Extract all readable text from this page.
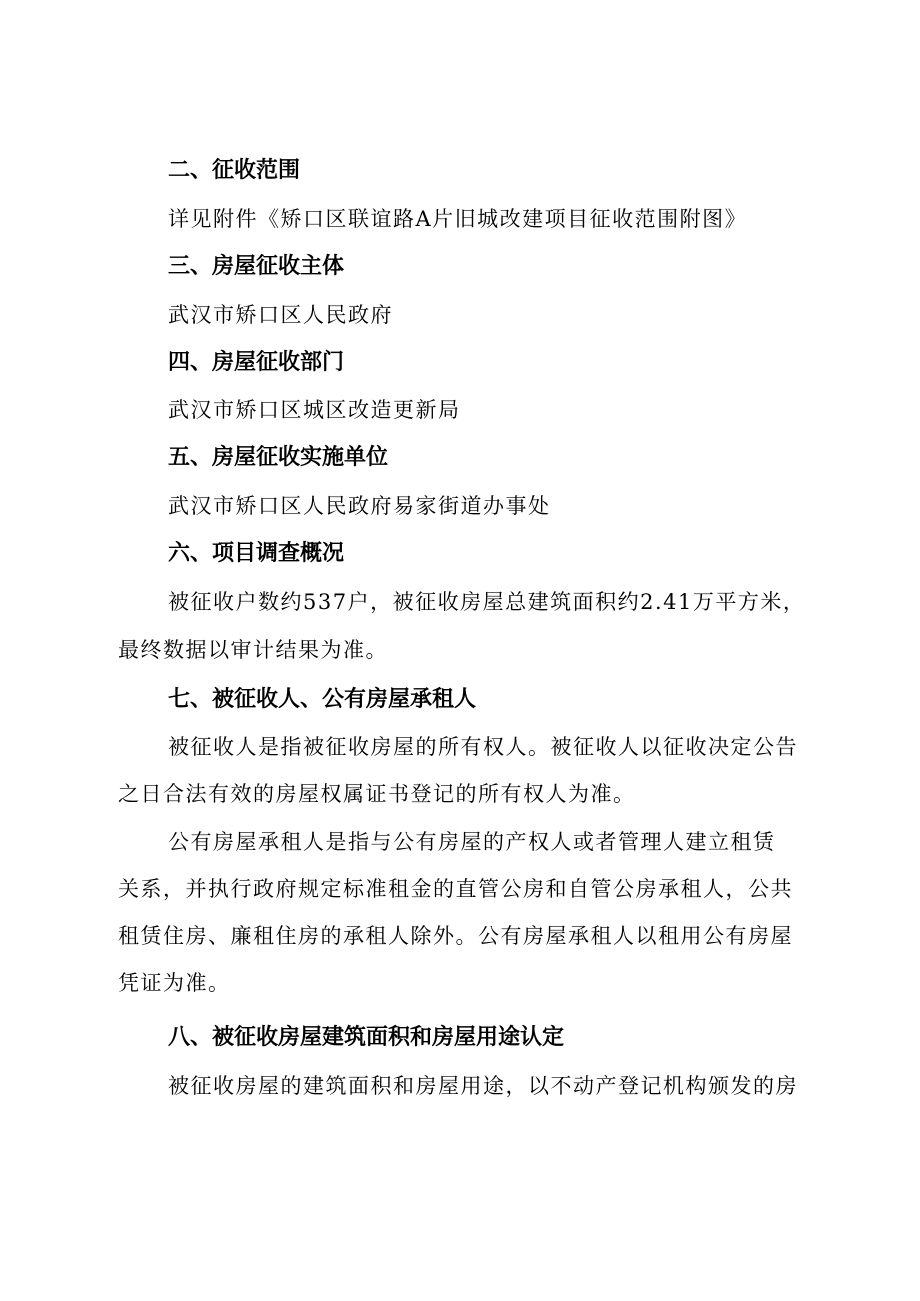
二、征收范围
详见附件《矫口区联谊路A片旧城改建项目征收范围附图》
三、房屋征收主体
武汉市矫口区人民政府
四、房屋征收部门
武汉市矫口区城区改造更新局
五、房屋征收实施单位
武汉市矫口区人民政府易家街道办事处
六、项目调查概况
被征收户数约537户，被征收房屋总建筑面积约2.41万平方米，
最终数据以审计结果为准。
七、被征收人、公有房屋承租人
被征收人是指被征收房屋的所有权人。被征收人以征收决定公告
之日合法有效的房屋权属证书登记的所有权人为准。
公有房屋承租人是指与公有房屋的产权人或者管理人建立租赁
关系，并执行政府规定标准租金的直管公房和自管公房承租人，公共
租赁住房、廉租住房的承租人除外。公有房屋承租人以租用公有房屋
凭证为准。
八、被征收房屋建筑面积和房屋用途认定
被征收房屋的建筑面积和房屋用途，以不动产登记机构颁发的房
